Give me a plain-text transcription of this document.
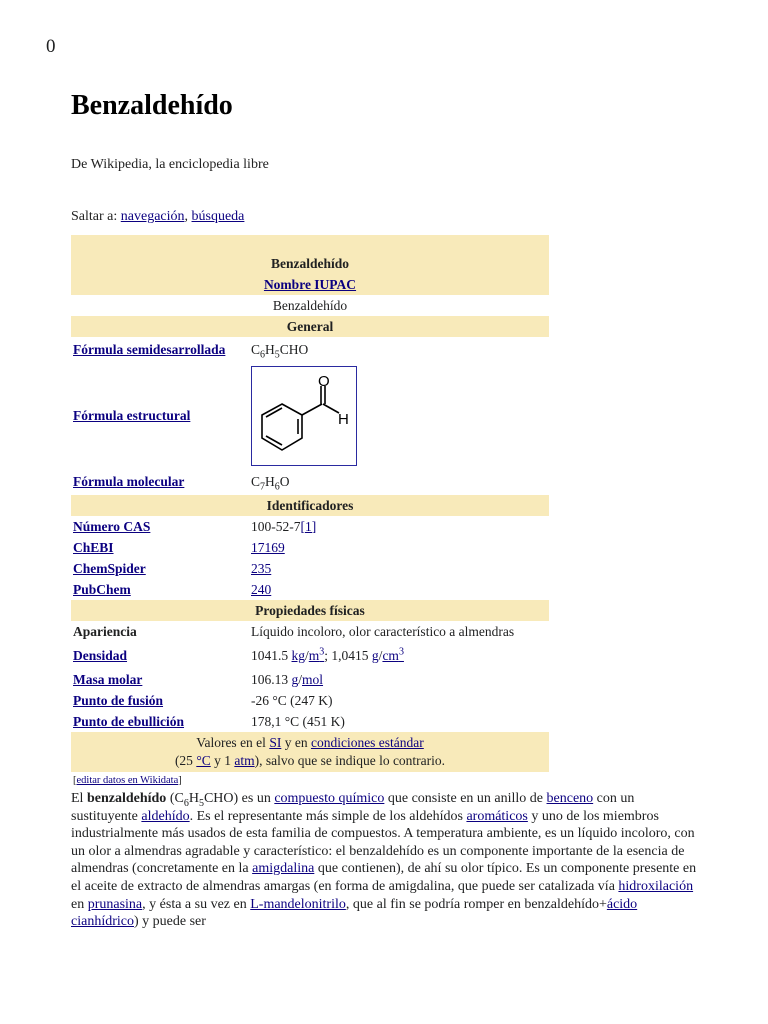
0
Benzaldehído
De Wikipedia, la enciclopedia libre
Saltar a: navegación, búsqueda
Benzaldehído	
Nombre IUPAC	
Benzaldehído	
General	
Fórmula semidesarrollada	$C_6H_5CHO$
Fórmula estructural	O
H

Fórmula molecular	$C_7H_6O$
Identificadores	
Número CAS	100-52-7[1]
ChEBI	17169
ChemSpider	235
PubChem	240
Propiedades físicas	
Apariencia	Líquido incoloro, olor característico a almendras
Densidad	1041.5 kg/m$^3$; 1,0415 g/cm$^3$
Masa molar	106.13 g/mol
Punto de fusión	-26 °C (247 K)
Punto de ebullición	178,1 °C (451 K)
Valores en el SI y en condiciones estándar
(25 °C y 1 atm), salvo que se indique lo contrario.	
[editar datos en Wikidata]

El benzaldehído $(C_6H_5CHO)$ es un compuesto químico que consiste en un anillo de benceno con un sustituyente aldehído. Es el representante más simple de los aldehídos aromáticos y uno de los miembros industrialmente más usados de esta familia de compuestos. A temperatura ambiente, es un líquido incoloro, con un olor a almendras agradable y característico: el benzaldehído es un componente importante de la esencia de almendras (concretamente en la amigdalina que contienen), de ahí su olor típico. Es un componente presente en el aceite de extracto de almendras amargas (en forma de amigdalina, que puede ser catalizada vía hidroxilación en prunasina, y ésta a su vez en L-mandelonitrilo, que al fin se podría romper en benzaldehído+ácido cianhídrico) y puede ser
